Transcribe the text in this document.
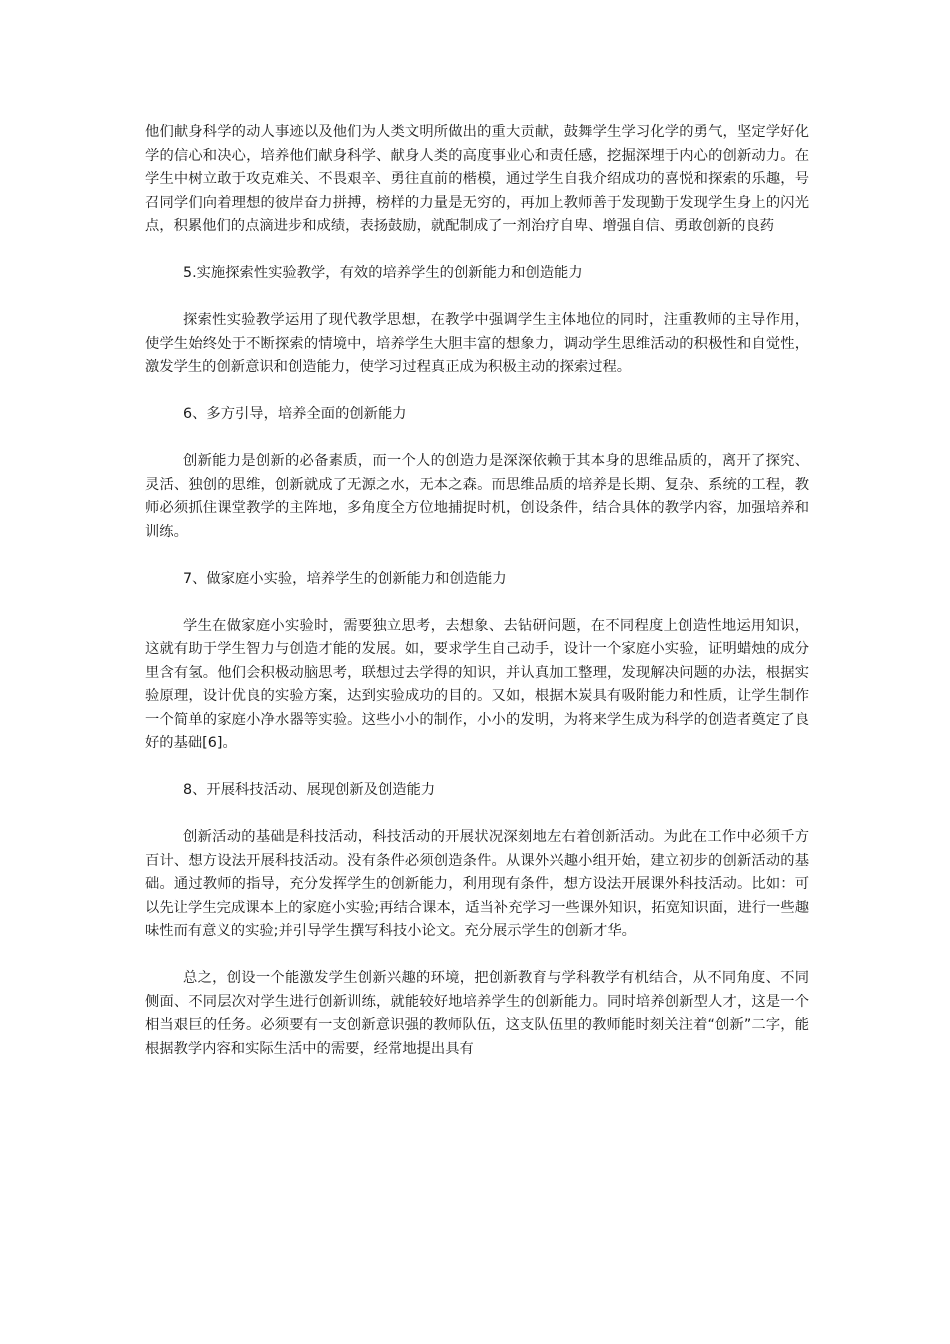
他们献身科学的动人事迹以及他们为人类文明所做出的重大贡献，鼓舞学生学习化学的勇气，坚定学好化学的信心和决心，培养他们献身科学、献身人类的高度事业心和责任感，挖掘深埋于内心的创新动力。在学生中树立敢于攻克难关、不畏艰辛、勇往直前的楷模，通过学生自我介绍成功的喜悦和探索的乐趣，号召同学们向着理想的彼岸奋力拼搏，榜样的力量是无穷的，再加上教师善于发现勤于发现学生身上的闪光点，积累他们的点滴进步和成绩，表扬鼓励，就配制成了一剂治疗自卑、增强自信、勇敢创新的良药

5.实施探索性实验教学，有效的培养学生的创新能力和创造能力

探索性实验教学运用了现代教学思想，在教学中强调学生主体地位的同时，注重教师的主导作用，使学生始终处于不断探索的情境中，培养学生大胆丰富的想象力，调动学生思维活动的积极性和自觉性，激发学生的创新意识和创造能力，使学习过程真正成为积极主动的探索过程。

6、多方引导，培养全面的创新能力

创新能力是创新的必备素质，而一个人的创造力是深深依赖于其本身的思维品质的，离开了探究、灵活、独创的思维，创新就成了无源之水，无本之森。而思维品质的培养是长期、复杂、系统的工程，教师必须抓住课堂教学的主阵地，多角度全方位地捕捉时机，创设条件，结合具体的教学内容，加强培养和训练。

7、做家庭小实验，培养学生的创新能力和创造能力

学生在做家庭小实验时，需要独立思考，去想象、去钻研问题，在不同程度上创造性地运用知识，这就有助于学生智力与创造才能的发展。如，要求学生自己动手，设计一个家庭小实验，证明蜡烛的成分里含有氢。他们会积极动脑思考，联想过去学得的知识，并认真加工整理，发现解决问题的办法，根据实验原理，设计优良的实验方案，达到实验成功的目的。又如，根据木炭具有吸附能力和性质，让学生制作一个简单的家庭小净水器等实验。这些小小的制作，小小的发明，为将来学生成为科学的创造者奠定了良好的基础[6]。

8、开展科技活动、展现创新及创造能力

创新活动的基础是科技活动，科技活动的开展状况深刻地左右着创新活动。为此在工作中必须千方百计、想方设法开展科技活动。没有条件必须创造条件。从课外兴趣小组开始，建立初步的创新活动的基础。通过教师的指导，充分发挥学生的创新能力，利用现有条件，想方设法开展课外科技活动。比如：可以先让学生完成课本上的家庭小实验;再结合课本，适当补充学习一些课外知识，拓宽知识面，进行一些趣味性而有意义的实验;并引导学生撰写科技小论文。充分展示学生的创新才华。

总之，创设一个能激发学生创新兴趣的环境，把创新教育与学科教学有机结合，从不同角度、不同侧面、不同层次对学生进行创新训练，就能较好地培养学生的创新能力。同时培养创新型人才，这是一个相当艰巨的任务。必须要有一支创新意识强的教师队伍，这支队伍里的教师能时刻关注着“创新”二字，能根据教学内容和实际生活中的需要，经常地提出具有
